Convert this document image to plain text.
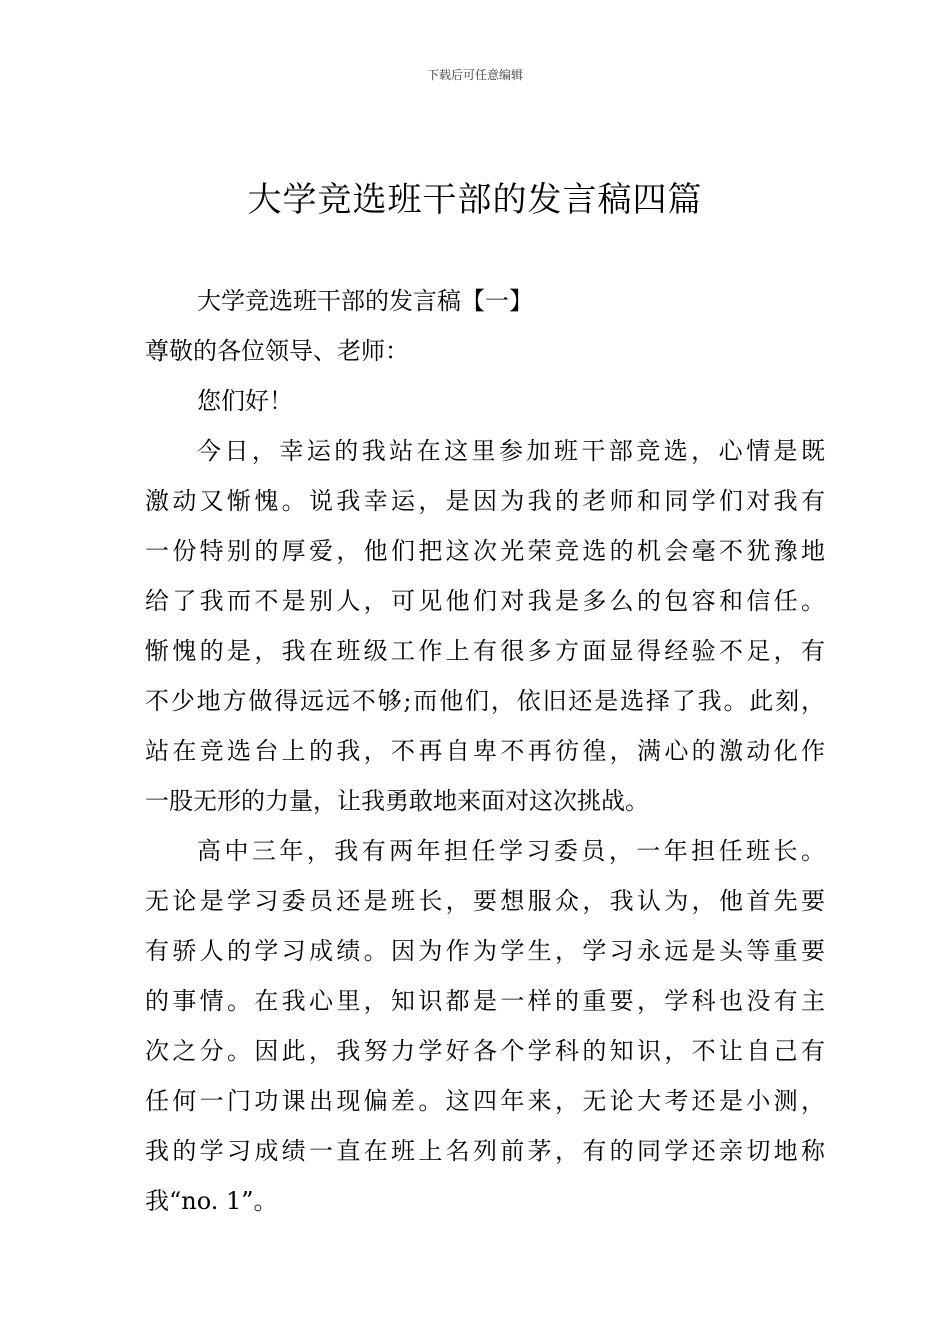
下载后可任意编辑
大学竞选班干部的发言稿四篇
大学竞选班干部的发言稿【一】
尊敬的各位领导、老师：
您们好！
今日，幸运的我站在这里参加班干部竞选，心情是既
激动又惭愧。说我幸运，是因为我的老师和同学们对我有
一份特别的厚爱，他们把这次光荣竞选的机会毫不犹豫地
给了我而不是别人，可见他们对我是多么的包容和信任。
惭愧的是，我在班级工作上有很多方面显得经验不足，有
不少地方做得远远不够;而他们，依旧还是选择了我。此刻，
站在竞选台上的我，不再自卑不再彷徨，满心的激动化作
一股无形的力量，让我勇敢地来面对这次挑战。
高中三年，我有两年担任学习委员，一年担任班长。
无论是学习委员还是班长，要想服众，我认为，他首先要
有骄人的学习成绩。因为作为学生，学习永远是头等重要
的事情。在我心里，知识都是一样的重要，学科也没有主
次之分。因此，我努力学好各个学科的知识，不让自己有
任何一门功课出现偏差。这四年来，无论大考还是小测，
我的学习成绩一直在班上名列前茅，有的同学还亲切地称
我“no. 1”。
